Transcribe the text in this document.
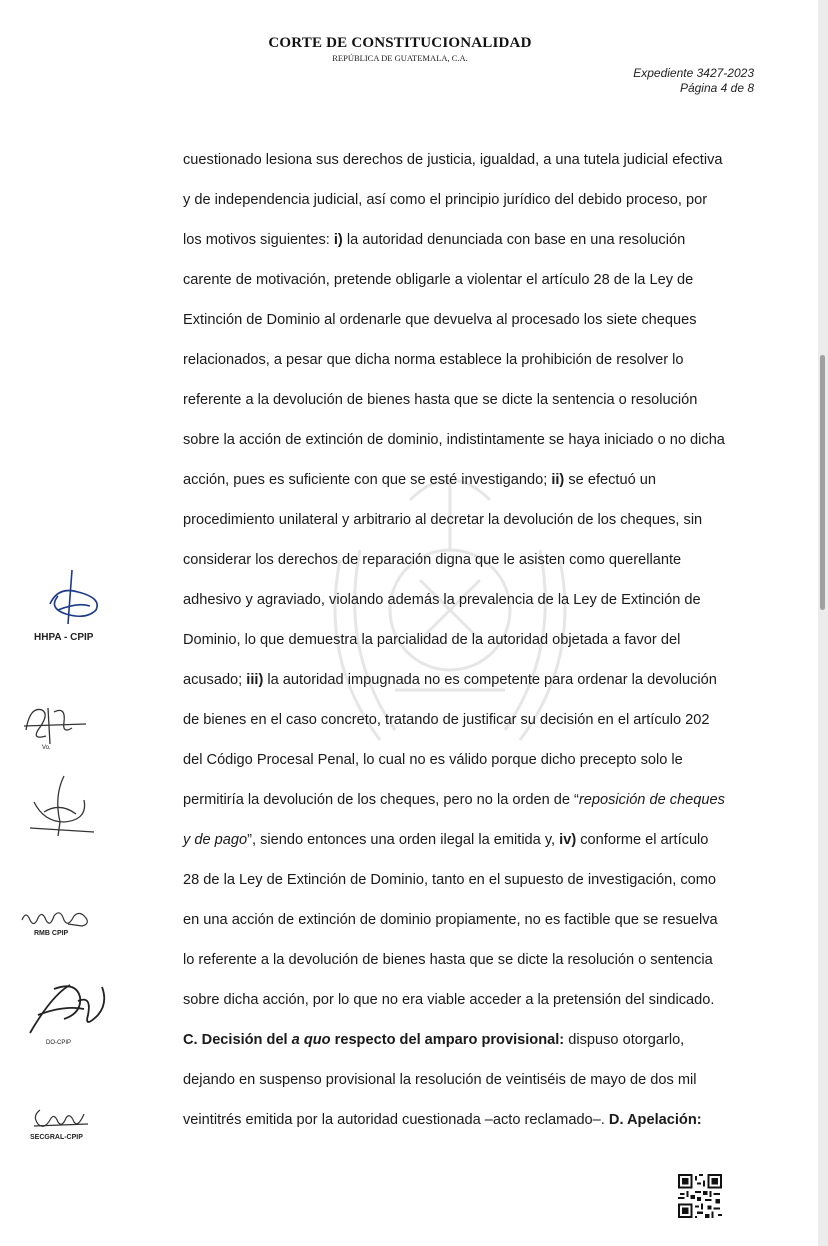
CORTE DE CONSTITUCIONALIDAD
REPÚBLICA DE GUATEMALA, C.A.
Expediente 3427-2023
Página 4 de 8
cuestionado lesiona sus derechos de justicia, igualdad, a una tutela judicial efectiva
y de independencia judicial, así como el principio jurídico del debido proceso, por
los motivos siguientes: i) la autoridad denunciada con base en una resolución
carente de motivación, pretende obligarle a violentar el artículo 28 de la Ley de
Extinción de Dominio al ordenarle que devuelva al procesado los siete cheques
relacionados, a pesar que dicha norma establece la prohibición de resolver lo
referente a la devolución de bienes hasta que se dicte la sentencia o resolución
sobre la acción de extinción de dominio, indistintamente se haya iniciado o no dicha
acción, pues es suficiente con que se esté investigando; ii) se efectuó un
procedimiento unilateral y arbitrario al decretar la devolución de los cheques, sin
considerar los derechos de reparación digna que le asisten como querellante
adhesivo y agraviado, violando además la prevalencia de la Ley de Extinción de
Dominio, lo que demuestra la parcialidad de la autoridad objetada a favor del
acusado; iii) la autoridad impugnada no es competente para ordenar la devolución
de bienes en el caso concreto, tratando de justificar su decisión en el artículo 202
del Código Procesal Penal, lo cual no es válido porque dicho precepto solo le
permitiría la devolución de los cheques, pero no la orden de “reposición de cheques
y de pago”, siendo entonces una orden ilegal la emitida y, iv) conforme el artículo
28 de la Ley de Extinción de Dominio, tanto en el supuesto de investigación, como
en una acción de extinción de dominio propiamente, no es factible que se resuelva
lo referente a la devolución de bienes hasta que se dicte la resolución o sentencia
sobre dicha acción, por lo que no era viable acceder a la pretensión del sindicado.
C. Decisión del a quo respecto del amparo provisional: dispuso otorgarlo,
dejando en suspenso provisional la resolución de veintiséis de mayo de dos mil
veintitrés emitida por la autoridad cuestionada –acto reclamado–. D. Apelación:
HHPA - CPIP
Vo.
RMB CPIP
DO-CPIP
SECGRAL-CPIP
